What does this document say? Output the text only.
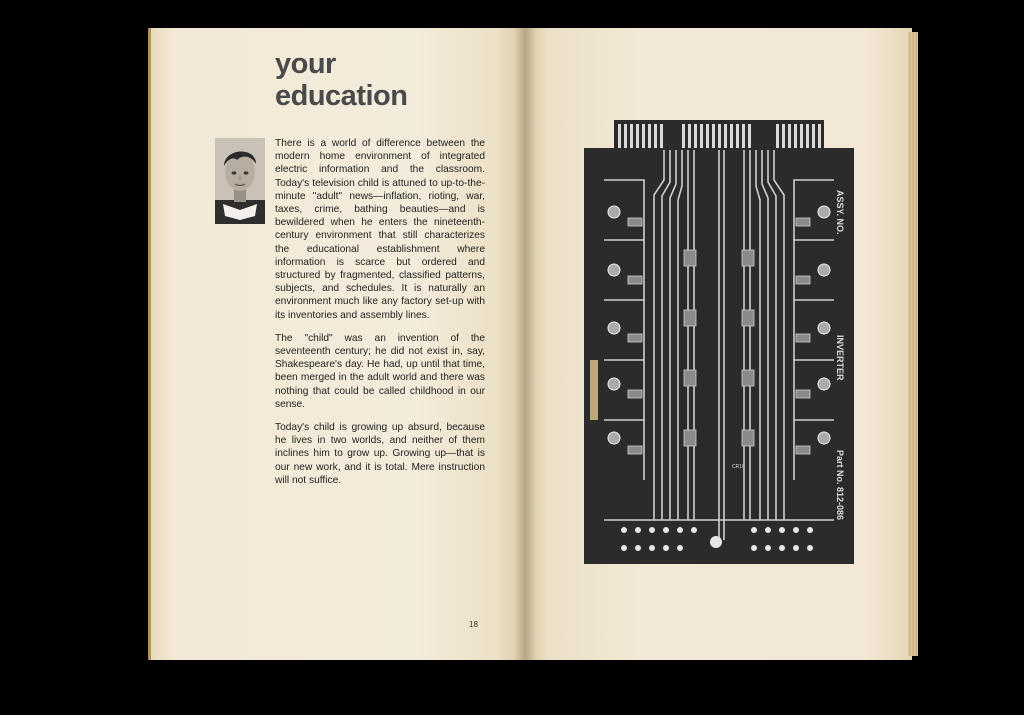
your
education

There is a world of difference between the modern home environment of integrated electric information and the classroom. Today's television child is attuned to up-to-the-minute "adult" news—inflation, rioting, war, taxes, crime, bathing beauties—and is bewildered when he enters the nineteenth-century environment that still characterizes the educational establishment where information is scarce but ordered and structured by fragmented, classified patterns, subjects, and schedules. It is naturally an environment much like any factory set-up with its inventories and assembly lines.

The "child" was an invention of the seventeenth century; he did not exist in, say, Shakespeare's day. He had, up until that time, been merged in the adult world and there was nothing that could be called childhood in our sense.

Today's child is growing up absurd, because he lives in two worlds, and neither of them inclines him to grow up. Growing up—that is our new work, and it is total. Mere instruction will not suffice.

18
ASSY. NO.
INVERTER
Part No. 812-086
CR10
